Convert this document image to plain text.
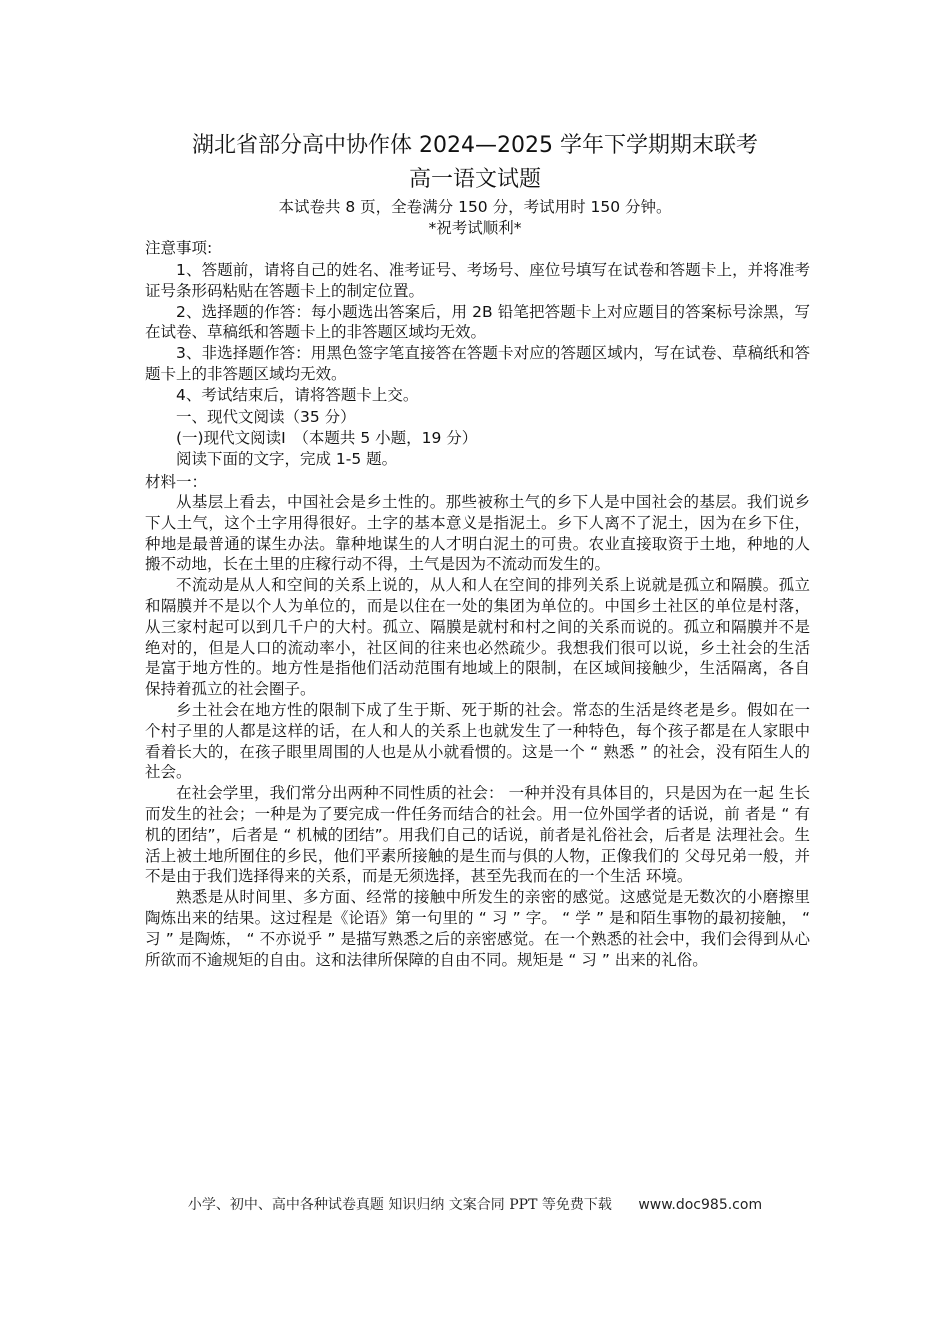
湖北省部分高中协作体 2024—2025 学年下学期期末联考
高一语文试题
本试卷共 8 页，全卷满分 150 分，考试用时 150 分钟。
*祝考试顺利*

注意事项:

1、答题前，请将自己的姓名、准考证号、考场号、座位号填写在试卷和答题卡上，并将准考证号条形码粘贴在答题卡上的制定位置。

2、选择题的作答：每小题选出答案后，用 2B 铅笔把答题卡上对应题目的答案标号涂黑，写在试卷、草稿纸和答题卡上的非答题区域均无效。

3、非选择题作答：用黑色签字笔直接答在答题卡对应的答题区域内，写在试卷、草稿纸和答题卡上的非答题区域均无效。

4、考试结束后，请将答题卡上交。

一、现代文阅读（35 分）

(一)现代文阅读Ⅰ　（本题共 5 小题，19 分）

阅读下面的文字，完成 1-5 题。

材料一：

从基层上看去，中国社会是乡土性的。那些被称土气的乡下人是中国社会的基层。我们说乡下人土气，这个土字用得很好。土字的基本意义是指泥土。乡下人离不了泥土，因为在乡下住，种地是最普通的谋生办法。靠种地谋生的人才明白泥土的可贵。农业直接取资于土地，种地的人搬不动地，长在土里的庄稼行动不得，土气是因为不流动而发生的。

不流动是从人和空间的关系上说的，从人和人在空间的排列关系上说就是孤立和隔膜。孤立和隔膜并不是以个人为单位的，而是以住在一处的集团为单位的。中国乡土社区的单位是村落，从三家村起可以到几千户的大村。孤立、隔膜是就村和村之间的关系而说的。孤立和隔膜并不是绝对的，但是人口的流动率小，社区间的往来也必然疏少。我想我们很可以说，乡土社会的生活是富于地方性的。地方性是指他们活动范围有地域上的限制，在区域间接触少，生活隔离，各自保持着孤立的社会圈子。

乡土社会在地方性的限制下成了生于斯、死于斯的社会。常态的生活是终老是乡。假如在一个村子里的人都是这样的话，在人和人的关系上也就发生了一种特色，每个孩子都是在人家眼中看着长大的，在孩子眼里周围的人也是从小就看惯的。这是一个 “ 熟悉 ” 的社会，没有陌生人的社会。

在社会学里，我们常分出两种不同性质的社会： 一种并没有具体目的，只是因为在一起 生长而发生的社会；一种是为了要完成一件任务而结合的社会。用一位外国学者的话说，前 者是 “ 有机的团结”，后者是 “ 机械的团结”。用我们自己的话说，前者是礼俗社会，后者是 法理社会。生活上被土地所囿住的乡民，他们平素所接触的是生而与俱的人物，正像我们的 父母兄弟一般，并不是由于我们选择得来的关系，而是无须选择，甚至先我而在的一个生活 环境。

熟悉是从时间里、多方面、经常的接触中所发生的亲密的感觉。这感觉是无数次的小磨擦里陶炼出来的结果。这过程是《论语》第一句里的 “ 习 ” 字。 “ 学 ” 是和陌生事物的最初接触， “ 习 ” 是陶炼， “ 不亦说乎 ” 是描写熟悉之后的亲密感觉。在一个熟悉的社会中，我们会得到从心所欲而不逾规矩的自由。这和法律所保障的自由不同。规矩是 “ 习 ” 出来的礼俗。

小学、初中、高中各种试卷真题 知识归纳 文案合同 PPT 等免费下载 www.doc985.com
